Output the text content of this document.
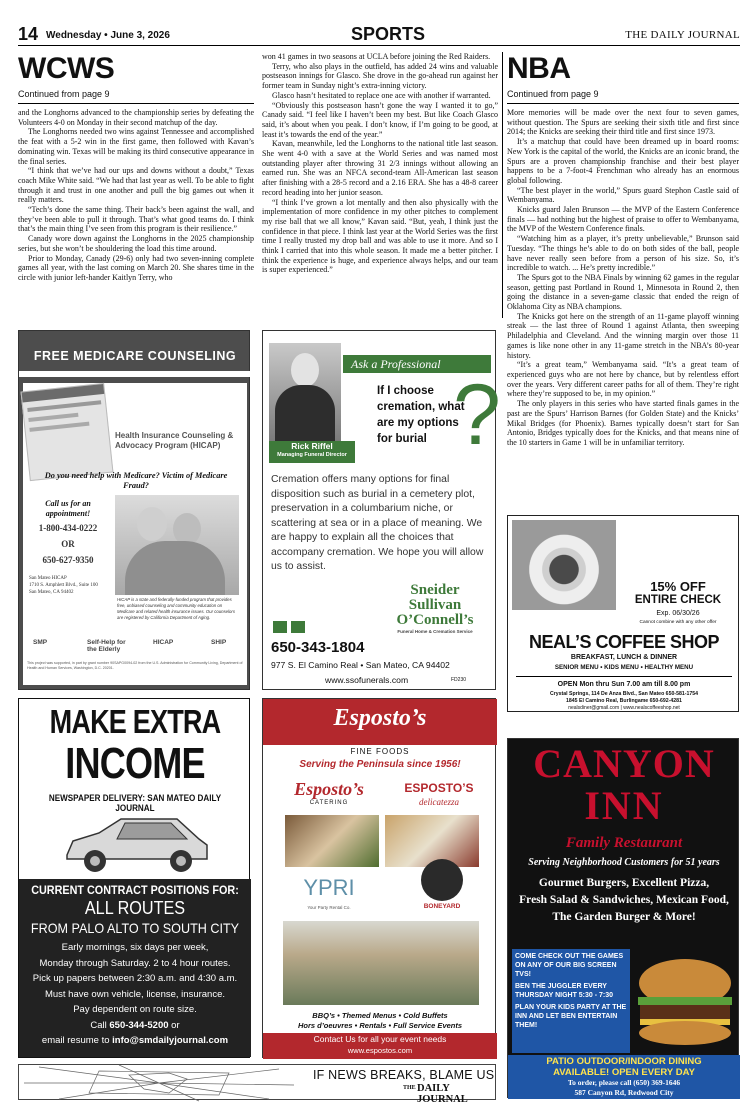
14 Wednesday • June 3, 2026	SPORTS	THE DAILY JOURNAL
WCWS
Continued from page 9

and the Longhorns advanced to the championship series by defeating the Volunteers 4-0 on Monday in their second matchup of the day.

The Longhorns needed two wins against Tennessee and accomplished the feat with a 5-2 win in the first game, then followed with Kavan’s dominating win. Texas will be making its third consecutive appearance in the final series.

“I think that we’ve had our ups and downs without a doubt,” Texas coach Mike White said. “We had that last year as well. To be able to fight through it and trust in one another and pull the big games out when it really matters.

“Tech’s done the same thing. Their back’s been against the wall, and they’ve been able to pull it through. That’s what good teams do. I think that’s the main thing I’ve seen from this program is their resilience.”

Canady wore down against the Longhorns in the 2025 championship series, but she won’t be shouldering the load this time around.

Prior to Monday, Canady (29-6) only had two seven-inning complete games all year, with the last coming on March 20. She shares time in the circle with junior left-hander Kaitlyn Terry, who

won 41 games in two seasons at UCLA before joining the Red Raiders.

Terry, who also plays in the outfield, has added 24 wins and valuable postseason innings for Glasco. She drove in the go-ahead run against her former team in Sunday night’s extra-inning victory.

Glasco hasn’t hesitated to replace one ace with another if warranted.

“Obviously this postseason hasn’t gone the way I wanted it to go,” Canady said. “I feel like I haven’t been my best. But like Coach Glasco said, it’s about when you peak. I don’t know, if I’m going to be good, at least it’s towards the end of the year.”

Kavan, meanwhile, led the Longhorns to the national title last season. She went 4-0 with a save at the World Series and was named most outstanding player after throwing 31 2/3 innings without allowing an earned run. She was an NFCA second-team All-American last season after finishing with a 28-5 record and a 2.16 ERA. She has a 48-8 career record heading into her junior season.

“I think I’ve grown a lot mentally and then also physically with the implementation of more confidence in my other pitches to complement my rise ball that we all know,” Kavan said. “But, yeah, I think just the confidence in that piece. I think last year at the World Series was the first time I really trusted my drop ball and was able to use it more. And so I think I carried that into this whole season. It made me a better pitcher. I think the experience is huge, and experience always helps, and our team is super experienced.”

NBA
Continued from page 9

More memories will be made over the next four to seven games, without question. The Spurs are seeking their sixth title and first since 2014; the Knicks are seeking their third title and first since 1973.

It’s a matchup that could have been dreamed up in board rooms: New York is the capital of the world, the Knicks are an iconic brand, the Spurs are a proven championship franchise and their best player happens to be a 7-foot-4 Frenchman who already has an enormous global following.

“The best player in the world,” Spurs guard Stephon Castle said of Wembanyama.

Knicks guard Jalen Brunson — the MVP of the Eastern Conference finals — had nothing but the highest of praise to offer to Wembanyama, the MVP of the Western Conference finals.

“Watching him as a player, it’s pretty unbelievable,” Brunson said Tuesday. “The things he’s able to do on both sides of the ball, people have never really seen before from a person of his size. So, it’s incredible to watch. ... He’s pretty incredible.”

The Spurs got to the NBA Finals by winning 62 games in the regular season, getting past Portland in Round 1, Minnesota in Round 2, then going the distance in a seven-game classic that ended the reign of Oklahoma City as NBA champions.

The Knicks got here on the strength of an 11-game playoff winning streak — the last three of Round 1 against Atlanta, then sweeping Philadelphia and Cleveland. And the winning margin over those 11 games is like none other in any 11-game stretch in the NBA’s 80-year history.

“It’s a great team,” Wembanyama said. “It’s a great team of experienced guys who are not here by chance, but by relentless effort over the years. Very different career paths for all of them. They’re right where they’re supposed to be, in my opinion.”

The only players in this series who have started finals games in the past are the Spurs’ Harrison Barnes (for Golden State) and the Knicks’ Mikal Bridges (for Phoenix). Barnes typically doesn’t start for San Antonio, Bridges typically does for the Knicks, and that means nine of the 10 starters in Game 1 will be in unfamiliar territory.

FREE MEDICARE COUNSELING
Health Insurance Counseling & Advocacy Program (HICAP)
Do you need help with Medicare? Victim of Medicare Fraud?
Call us for an appointment!
1-800-434-0222
OR
650-627-9350
San Mateo HICAP
1710 S. Amphlett Blvd., Suite 100
San Mateo, CA 94402
HICAP is a state and federally-funded program that provides free, unbiased counseling and community education on Medicare and related health insurance issues. Our counselors are registered by California Department of Aging.
SMP	Self-Help for the Elderly
HICAP	SHIP
This project was supported, in part by grant number 90SAPG0094-02 from the U.S. Administration for Community Living, Department of Health and Human Services, Washington, D.C. 20201.
Rick Riffel
Managing Funeral Director
Ask a Professional
If I choose cremation, what are my options for burial ?
Cremation offers many options for final disposition such as burial in a cemetery plot, preservation in a columbarium niche, or scattering at sea or in a place of meaning. We are happy to explain all the choices that accompany cremation. We hope you will allow us to assist.
Sneider
Sullivan
O’Connell’s
Funeral Home & Cremation Service
650-343-1804
977 S. El Camino Real • San Mateo, CA 94402
www.ssofunerals.com	FD230
15% OFF
ENTIRE CHECK
Exp. 06/30/26
Cannot combine with any other offer
NEAL’S COFFEE SHOP
BREAKFAST, LUNCH & DINNER
SENIOR MENU • KIDS MENU • HEALTHY MENU
OPEN Mon thru Sun 7.00 am till 8.00 pm
Crystal Springs, 114 De Anza Blvd., San Mateo 650-581-1754
1845 El Camino Real, Burlingame 650-692-4281
nealsdiner@gmail.com | www.nealscoffeeshop.net
MAKE EXTRA
INCOME
NEWSPAPER DELIVERY: SAN MATEO DAILY JOURNAL
CURRENT CONTRACT POSITIONS FOR:
ALL ROUTES
FROM PALO ALTO TO SOUTH CITY
Early mornings, six days per week,
Monday through Saturday. 2 to 4 hour routes.
Pick up papers between 2:30 a.m. and 4:30 a.m.
Must have own vehicle, license, insurance.
Pay dependent on route size.
Call 650-344-5200 or
email resume to info@smdailyjournal.com
Esposto’s
FINE FOODS
Serving the Peninsula since 1956!
Esposto’s
CATERING
ESPOSTO’S
delicatezza
YPRI
Your Party Rental Co.	BONEYARD
BBQ’s • Themed Menus • Cold Buffets
Hors d’oeuvres • Rentals • Full Service Events
Contact Us for all your event needs
www.espostos.com
CANYON
INN
Family Restaurant
Serving Neighborhood Customers for 51 years
Gourmet Burgers, Excellent Pizza,
Fresh Salad & Sandwiches, Mexican Food,
The Garden Burger & More!
COME CHECK OUT THE GAMES ON ANY OF OUR BIG SCREEN TVS!
BEN THE JUGGLER EVERY THURSDAY NIGHT 5:30 - 7:30
PLAN YOUR KIDS PARTY AT THE INN AND LET BEN ENTERTAIN THEM!
PATIO OUTDOOR/INDOOR DINING
AVAILABLE! OPEN EVERY DAY
To order, please call (650) 369-1646
587 Canyon Rd, Redwood City
IF NEWS BREAKS, BLAME US
THE DAILY JOURNAL
